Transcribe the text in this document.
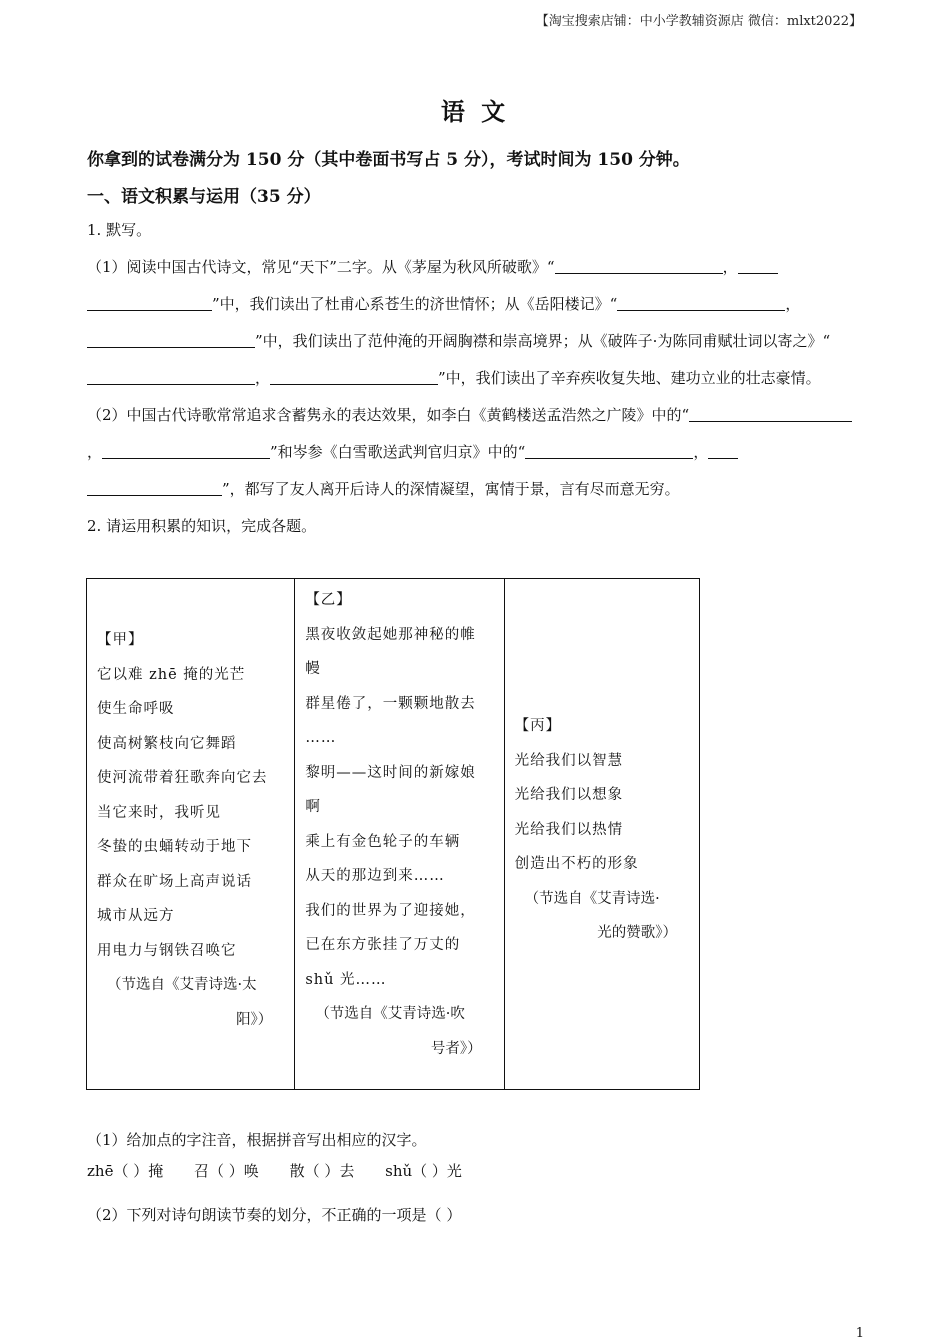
【淘宝搜索店铺：中小学教辅资源店 微信：mlxt2022】
语 文
你拿到的试卷满分为 150 分（其中卷面书写占 5 分），考试时间为 150 分钟。
一、语文积累与运用（35 分）
1. 默写。
（1）阅读中国古代诗文，常见“天下”二字。从《茅屋为秋风所破歌》“	，”中，我们读出了杜甫心系苍生的济世情怀；从《岳阳楼记》“	，”中，我们读出了范仲淹的开阔胸襟和崇高境界；从《破阵子·为陈同甫赋壮词以寄之》“，	”中，我们读出了辛弃疾收复失地、建功立业的壮志豪情。
（2）中国古代诗歌常常追求含蓄隽永的表达效果，如李白《黄鹤楼送孟浩然之广陵》中的“，	”和岑参《白雪歌送武判官归京》中的“	，”，都写了友人离开后诗人的深情凝望，寓情于景，言有尽而意无穷。
2. 请运用积累的知识，完成各题。
【甲】
它以难 zhē 掩的光芒
使生命呼吸
使高树繁枝向它舞蹈
使河流带着狂歌奔向它去
当它来时，我听见
冬蛰的虫蛹转动于地下
群众在旷场上高声说话
城市从远方
用电力与钢铁召唤它
（节选自《艾青诗选·太
阳》）
【乙】
黑夜收敛起她那神秘的帷
幔
群星倦了，一颗颗地散去
……
黎明——这时间的新嫁娘
啊
乘上有金色轮子的车辆
从天的那边到来……
我们的世界为了迎接她，
已在东方张挂了万丈的
shǔ 光……
（节选自《艾青诗选·吹
号者》）
【丙】
光给我们以智慧
光给我们以想象
光给我们以热情
创造出不朽的形象
（节选自《艾青诗选·
光的赞歌》）
（1）给加点的字注音，根据拼音写出相应的汉字。
zhē（ ）掩 召（ ）唤 散（ ）去 shǔ（ ）光
（2）下列对诗句朗读节奏的划分，不正确的一项是（ ）
1
